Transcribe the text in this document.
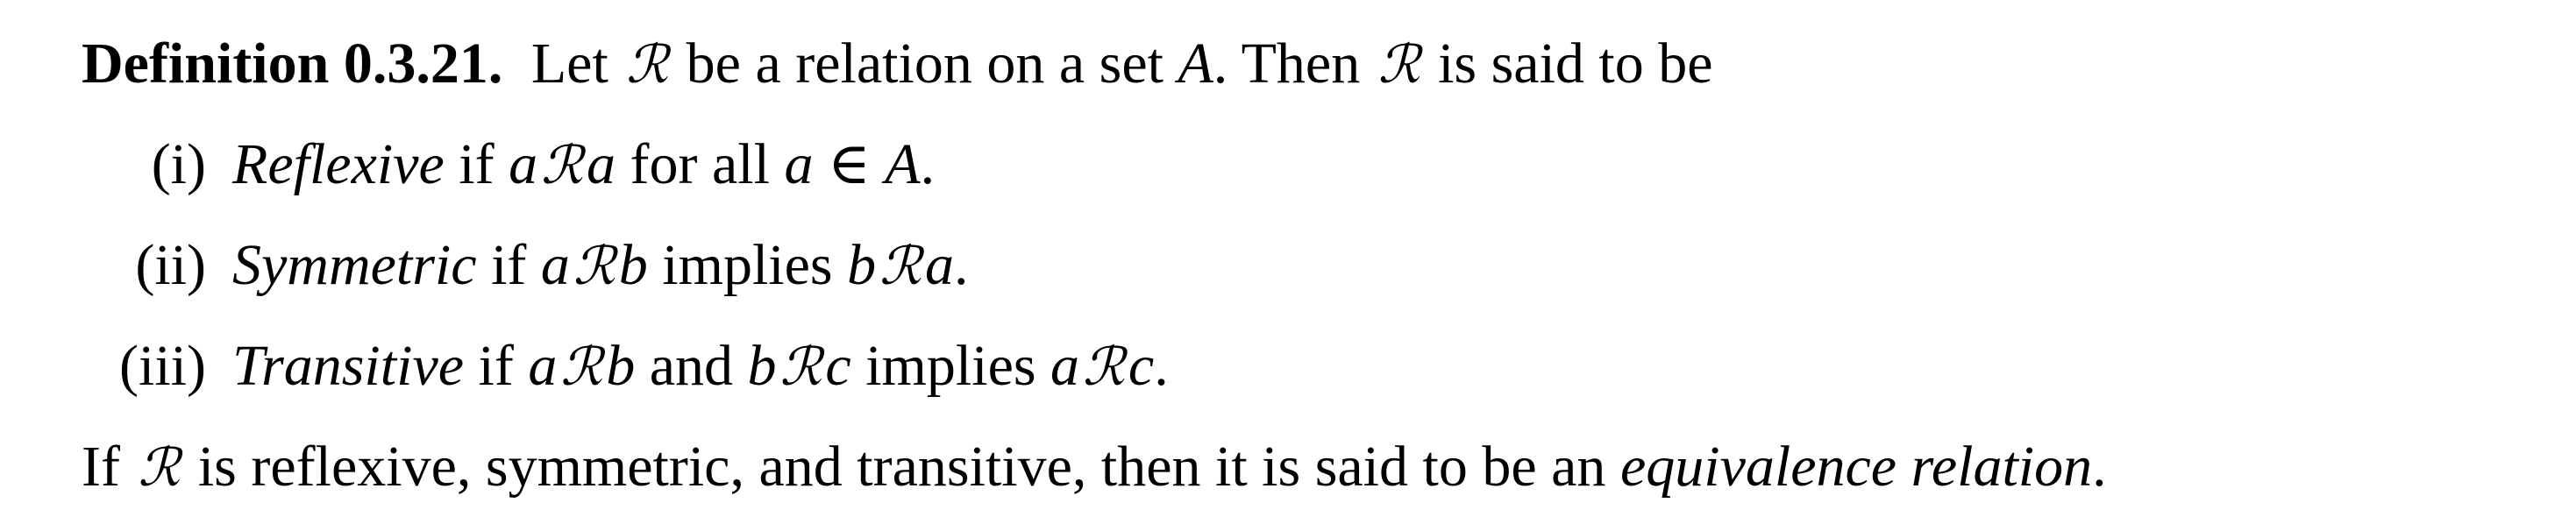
Definition 0.3.21. Let ℛ be a relation on a set A. Then ℛ is said to be
(i) Reflexive if aℛa for all a ∈ A.
(ii) Symmetric if aℛb implies bℛa.
(iii) Transitive if aℛb and bℛc implies aℛc.
If ℛ is reflexive, symmetric, and transitive, then it is said to be an equivalence relation.
